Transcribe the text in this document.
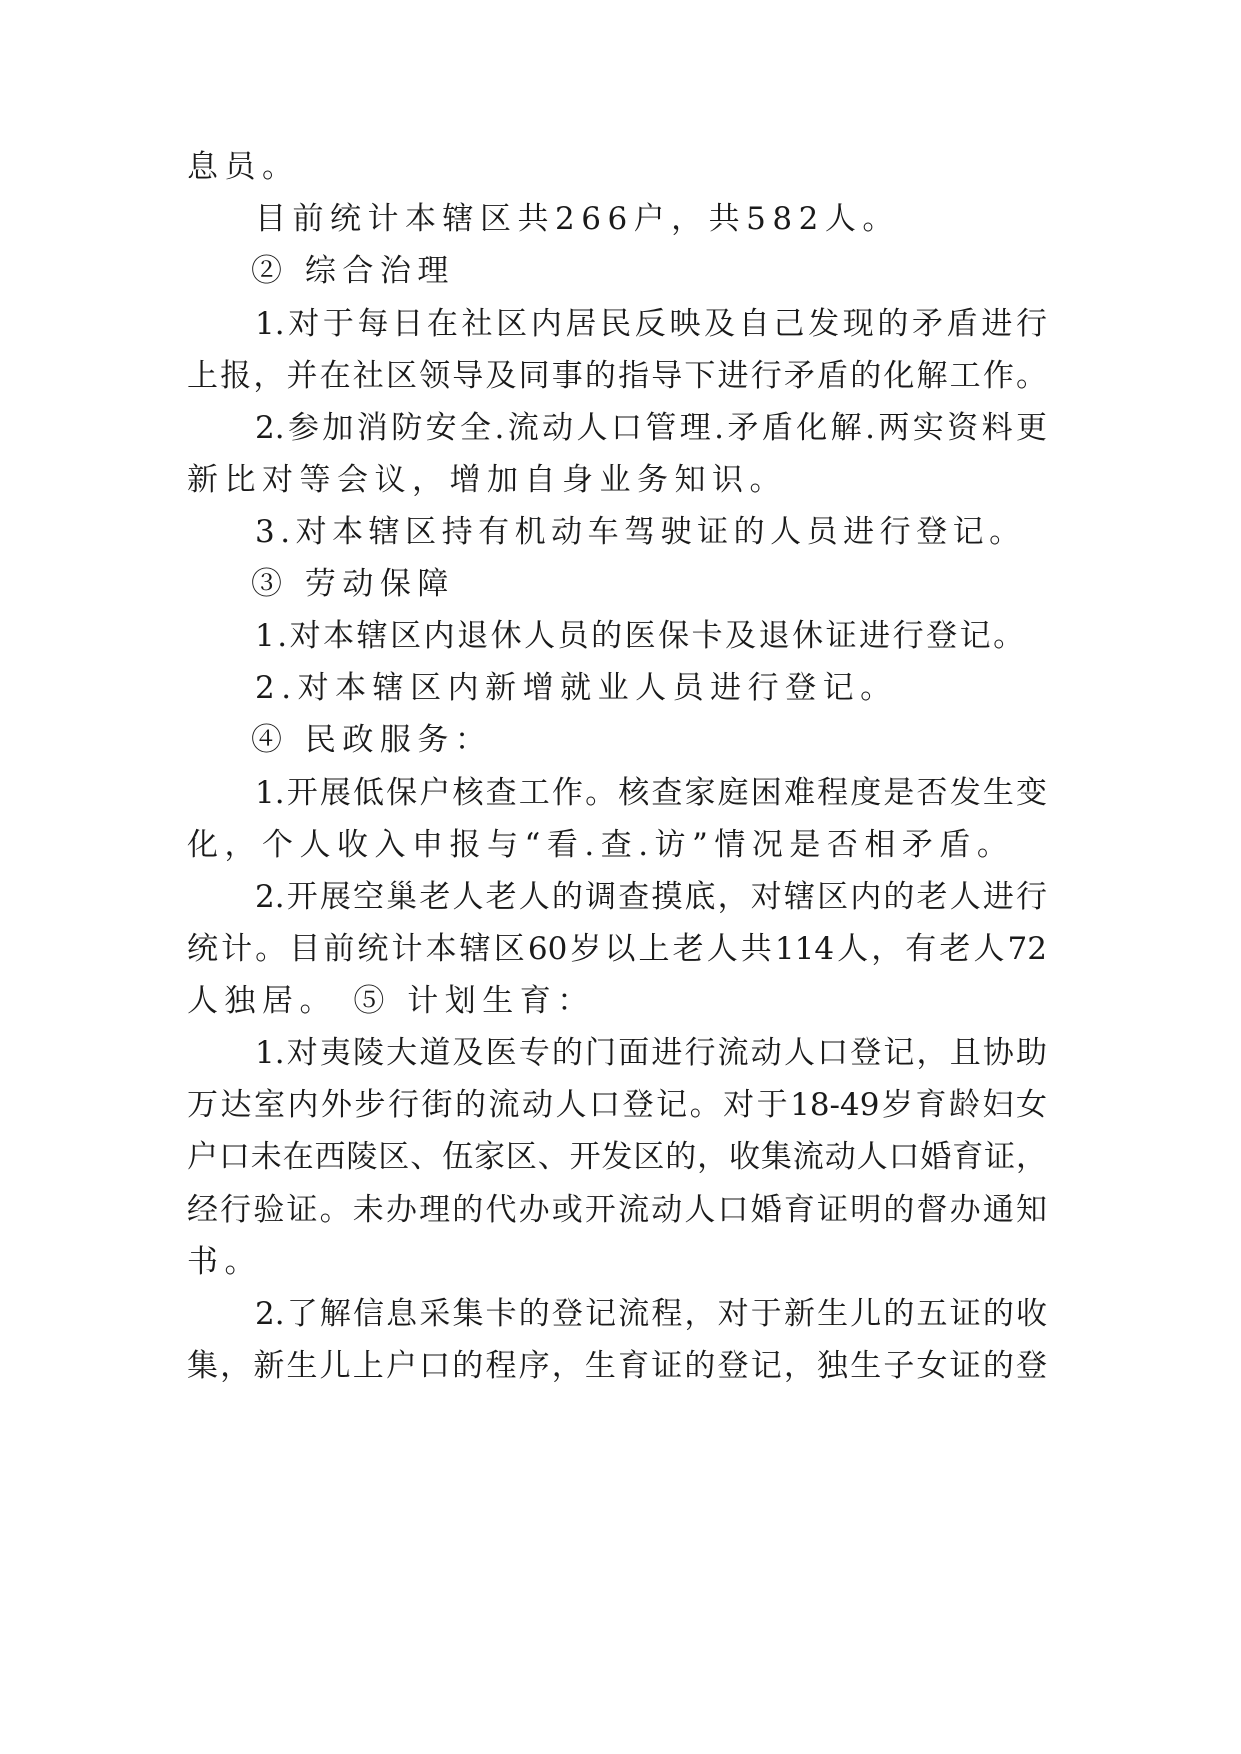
息员。
目前统计本辖区共266户，共582人。
② 综合治理
1.对于每日在社区内居民反映及自己发现的矛盾进行
上报，并在社区领导及同事的指导下进行矛盾的化解工作。
2.参加消防安全.流动人口管理.矛盾化解.两实资料更
新比对等会议，增加自身业务知识。
3.对本辖区持有机动车驾驶证的人员进行登记。
③ 劳动保障
1.对本辖区内退休人员的医保卡及退休证进行登记。
2.对本辖区内新增就业人员进行登记。
④ 民政服务：
1.开展低保户核查工作。核查家庭困难程度是否发生变
化，个人收入申报与“看.查.访”情况是否相矛盾。
2.开展空巢老人老人的调查摸底，对辖区内的老人进行
统计。目前统计本辖区60岁以上老人共114人，有老人72
人独居。 ⑤ 计划生育：
1.对夷陵大道及医专的门面进行流动人口登记，且协助
万达室内外步行街的流动人口登记。对于18-49岁育龄妇女
户口未在西陵区、伍家区、开发区的，收集流动人口婚育证，
经行验证。未办理的代办或开流动人口婚育证明的督办通知
书。
2.了解信息采集卡的登记流程，对于新生儿的五证的收
集，新生儿上户口的程序，生育证的登记，独生子女证的登
